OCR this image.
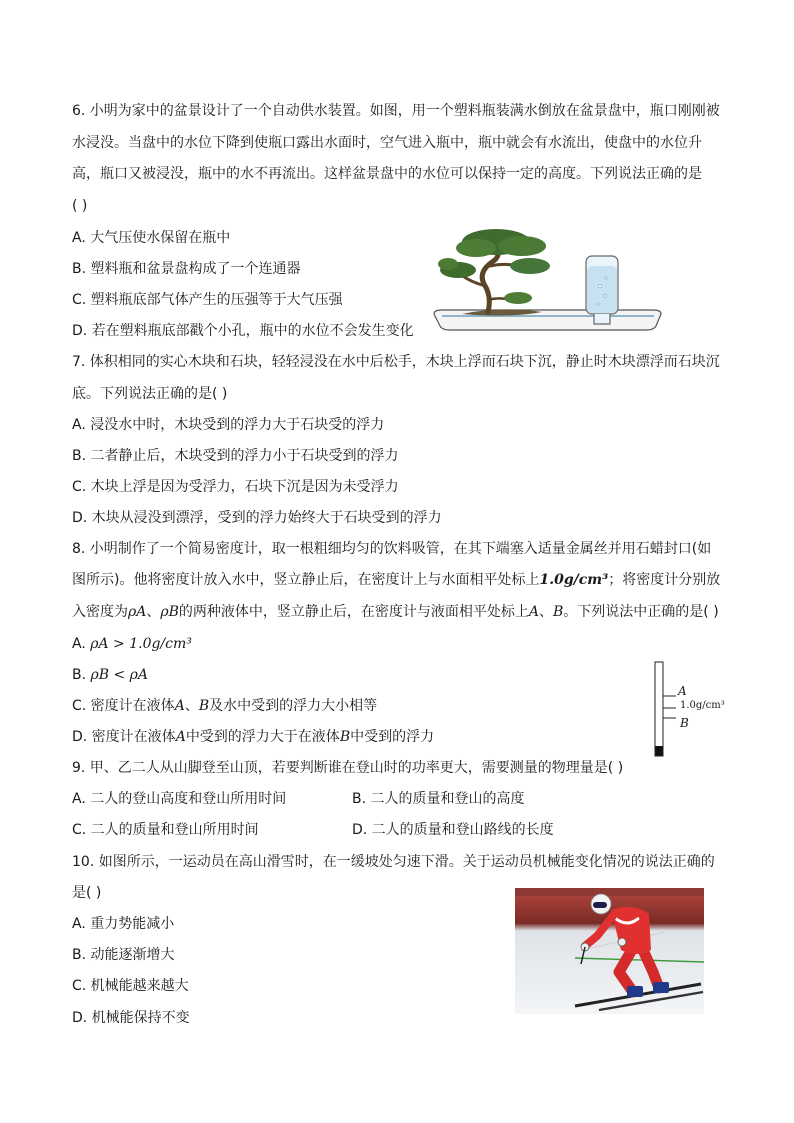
6. 小明为家中的盆景设计了一个自动供水装置。如图，用一个塑料瓶装满水倒放在盆景盘中，瓶口刚刚被
水浸没。当盘中的水位下降到使瓶口露出水面时，空气进入瓶中，瓶中就会有水流出，使盘中的水位升
高，瓶口又被浸没，瓶中的水不再流出。这样盆景盘中的水位可以保持一定的高度。下列说法正确的是
( )
A. 大气压使水保留在瓶中
B. 塑料瓶和盆景盘构成了一个连通器
C. 塑料瓶底部气体产生的压强等于大气压强
D. 若在塑料瓶底部戳个小孔，瓶中的水位不会发生变化
7. 体积相同的实心木块和石块，轻轻浸没在水中后松手，木块上浮而石块下沉，静止时木块漂浮而石块沉
底。下列说法正确的是( )
A. 浸没水中时，木块受到的浮力大于石块受的浮力
B. 二者静止后，木块受到的浮力小于石块受到的浮力
C. 木块上浮是因为受浮力，石块下沉是因为未受浮力
D. 木块从浸没到漂浮，受到的浮力始终大于石块受到的浮力
8. 小明制作了一个简易密度计，取一根粗细均匀的饮料吸管，在其下端塞入适量金属丝并用石蜡封口(如
图所示)。他将密度计放入水中，竖立静止后，在密度计上与水面相平处标上1.0g/cm³；将密度计分别放
入密度为ρA、ρB的两种液体中，竖立静止后，在密度计与液面相平处标上A、B。下列说法中正确的是( )
A. ρA > 1.0g/cm³
B. ρB < ρA
C. 密度计在液体A、B及水中受到的浮力大小相等
D. 密度计在液体A中受到的浮力大于在液体B中受到的浮力
A
1.0g/cm³
B
9. 甲、乙二人从山脚登至山顶，若要判断谁在登山时的功率更大，需要测量的物理量是( )
A. 二人的登山高度和登山所用时间	B. 二人的质量和登山的高度
C. 二人的质量和登山所用时间	D. 二人的质量和登山路线的长度
10. 如图所示，一运动员在高山滑雪时，在一缓坡处匀速下滑。关于运动员机械能变化情况的说法正确的
是( )
A. 重力势能减小
B. 动能逐渐增大
C. 机械能越来越大
D. 机械能保持不变
